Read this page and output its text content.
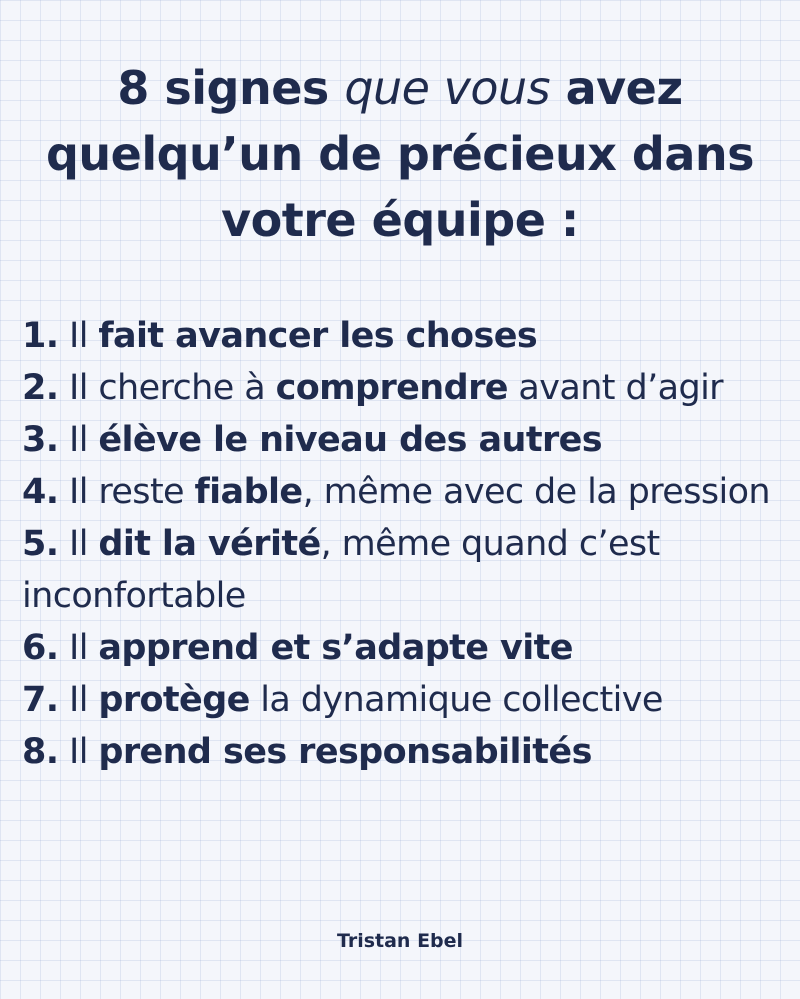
8 signes que vous avez quelqu’un de précieux dans votre équipe :
1. Il fait avancer les choses
2. Il cherche à comprendre avant d’agir
3. Il élève le niveau des autres
4. Il reste fiable, même avec de la pression
5. Il dit la vérité, même quand c’est inconfortable
6. Il apprend et s’adapte vite
7. Il protège la dynamique collective
8. Il prend ses responsabilités
Tristan Ebel
